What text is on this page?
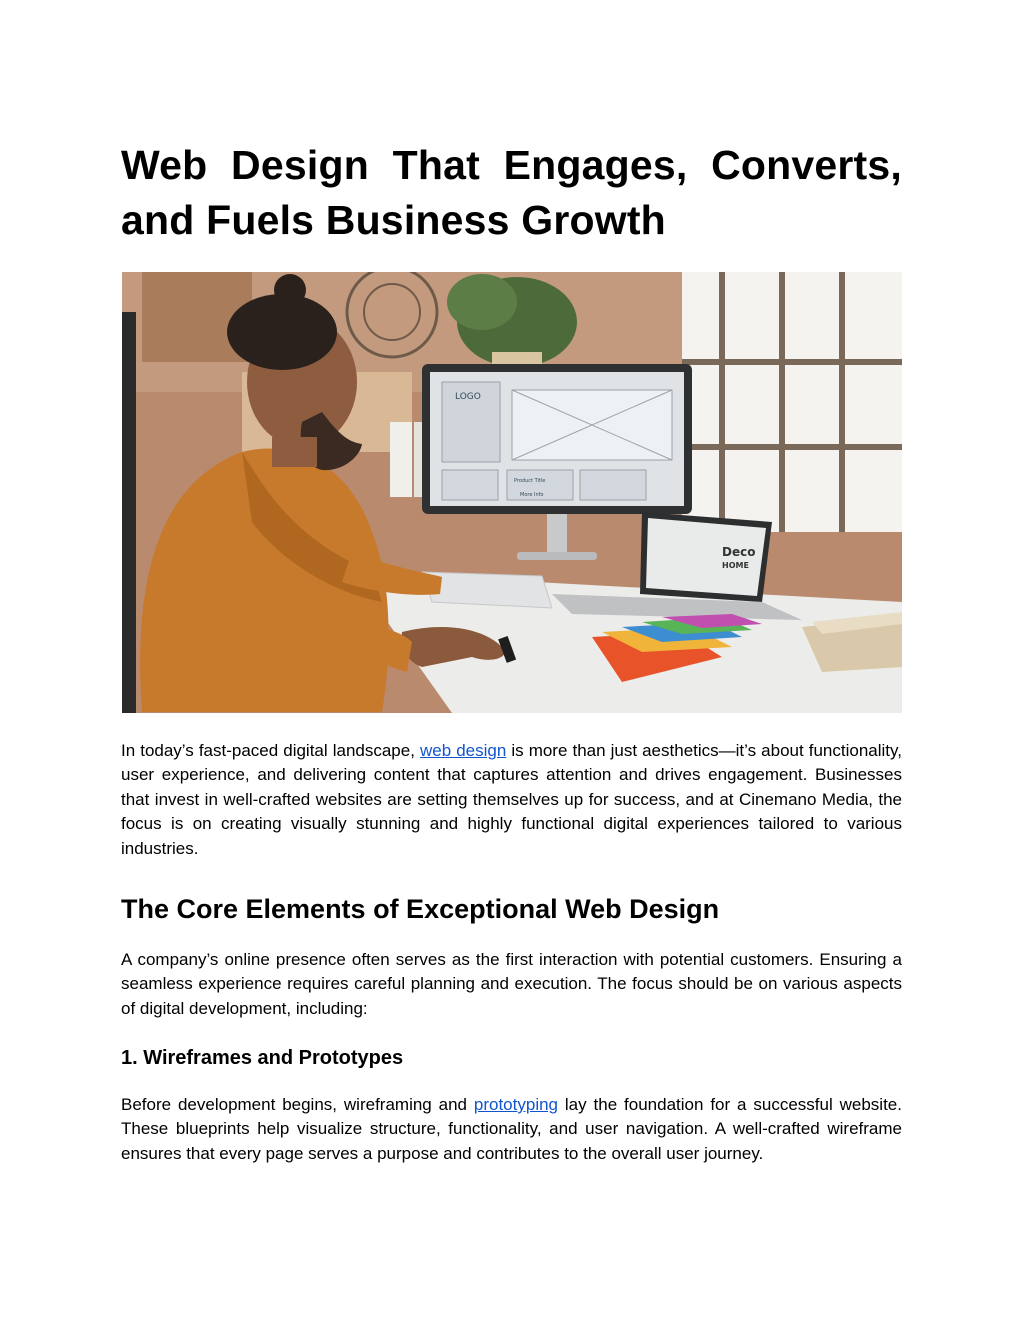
Web Design That Engages, Converts,
and Fuels Business Growth
LOGO
Product Title
More Info
Deco
HOME

In today’s fast-paced digital landscape, web design is more than just aesthetics—it’s about functionality, user experience, and delivering content that captures attention and drives engagement. Businesses that invest in well-crafted websites are setting themselves up for success, and at Cinemano Media, the focus is on creating visually stunning and highly functional digital experiences tailored to various industries.

The Core Elements of Exceptional Web Design

A company’s online presence often serves as the first interaction with potential customers. Ensuring a seamless experience requires careful planning and execution. The focus should be on various aspects of digital development, including:

1. Wireframes and Prototypes

Before development begins, wireframing and prototyping lay the foundation for a successful website. These blueprints help visualize structure, functionality, and user navigation. A well-crafted wireframe ensures that every page serves a purpose and contributes to the overall user journey.
